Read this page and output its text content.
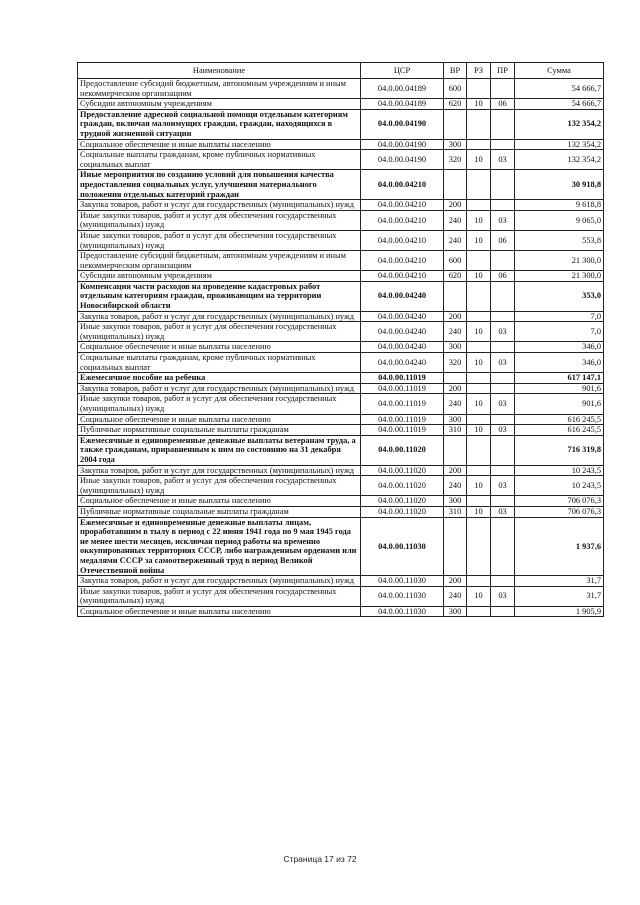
Наименование	ЦСР	ВР	РЗ	ПР	Сумма
Предоставление субсидий бюджетным, автономным учреждениям и иным некоммерческим организациям	04.0.00.04189	600			54 666,7
Субсидии автономным учреждениям	04.0.00.04189	620	10	06	54 666,7
Предоставление адресной социальной помощи отдельным категориям граждан, включая малоимущих граждан, граждан, находящихся в трудной жизненной ситуации	04.0.00.04190				132 354,2
Социальное обеспечение и иные выплаты населению	04.0.00.04190	300			132 354,2
Социальные выплаты гражданам, кроме публичных нормативных социальных выплат	04.0.00.04190	320	10	03	132 354,2
Иные мероприятия по созданию условий для повышения качества предоставления социальных услуг, улучшения материального положения отдельных категорий граждан	04.0.00.04210				30 918,8
Закупка товаров, работ и услуг для государственных (муниципальных) нужд	04.0.00.04210	200			9 618,8
Иные закупки товаров, работ и услуг для обеспечения государственных (муниципальных) нужд	04.0.00.04210	240	10	03	9 065,0
Иные закупки товаров, работ и услуг для обеспечения государственных (муниципальных) нужд	04.0.00.04210	240	10	06	553,8
Предоставление субсидий бюджетным, автономным учреждениям и иным некоммерческим организациям	04.0.00.04210	600			21 300,0
Субсидии автономным учреждениям	04.0.00.04210	620	10	06	21 300,0
Компенсация части расходов на проведение кадастровых работ отдельным категориям граждан, проживающим на территории Новосибирской области	04.0.00.04240				353,0
Закупка товаров, работ и услуг для государственных (муниципальных) нужд	04.0.00.04240	200			7,0
Иные закупки товаров, работ и услуг для обеспечения государственных (муниципальных) нужд	04.0.00.04240	240	10	03	7,0
Социальное обеспечение и иные выплаты населению	04.0.00.04240	300			346,0
Социальные выплаты гражданам, кроме публичных нормативных социальных выплат	04.0.00.04240	320	10	03	346,0
Ежемесячное пособие на ребенка	04.0.00.11019				617 147,1
Закупка товаров, работ и услуг для государственных (муниципальных) нужд	04.0.00.11019	200			901,6
Иные закупки товаров, работ и услуг для обеспечения государственных (муниципальных) нужд	04.0.00.11019	240	10	03	901,6
Социальное обеспечение и иные выплаты населению	04.0.00.11019	300			616 245,5
Публичные нормативные социальные выплаты гражданам	04.0.00.11019	310	10	03	616 245,5
Ежемесячные и единовременные денежные выплаты ветеранам труда, а также гражданам, приравненным к ним по состоянию на 31 декабря 2004 года	04.0.00.11020				716 319,8
Закупка товаров, работ и услуг для государственных (муниципальных) нужд	04.0.00.11020	200			10 243,5
Иные закупки товаров, работ и услуг для обеспечения государственных (муниципальных) нужд	04.0.00.11020	240	10	03	10 243,5
Социальное обеспечение и иные выплаты населению	04.0.00.11020	300			706 076,3
Публичные нормативные социальные выплаты гражданам	04.0.00.11020	310	10	03	706 076,3
Ежемесячные и единовременные денежные выплаты лицам, проработавшим в тылу в период с 22 июня 1941 года по 9 мая 1945 года не менее шести месяцев, исключая период работы на временно оккупированных территориях СССР, либо награжденным орденами или медалями СССР за самоотверженный труд в период Великой Отечественной войны	04.0.00.11030				1 937,6
Закупка товаров, работ и услуг для государственных (муниципальных) нужд	04.0.00.11030	200			31,7
Иные закупки товаров, работ и услуг для обеспечения государственных (муниципальных) нужд	04.0.00.11030	240	10	03	31,7
Социальное обеспечение и иные выплаты населению	04.0.00.11030	300			1 905,9
Страница 17 из 72
